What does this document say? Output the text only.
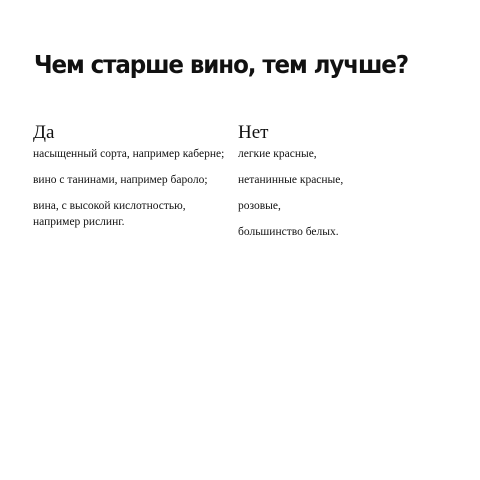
Чем старше вино, тем лучше?
Да
насыщенный сорта, например каберне;
вино с танинами, например бароло;
вина, с высокой кислотностью, например рислинг.
Нет
легкие красные,
нетанинные красные,
розовые,
большинство белых.
